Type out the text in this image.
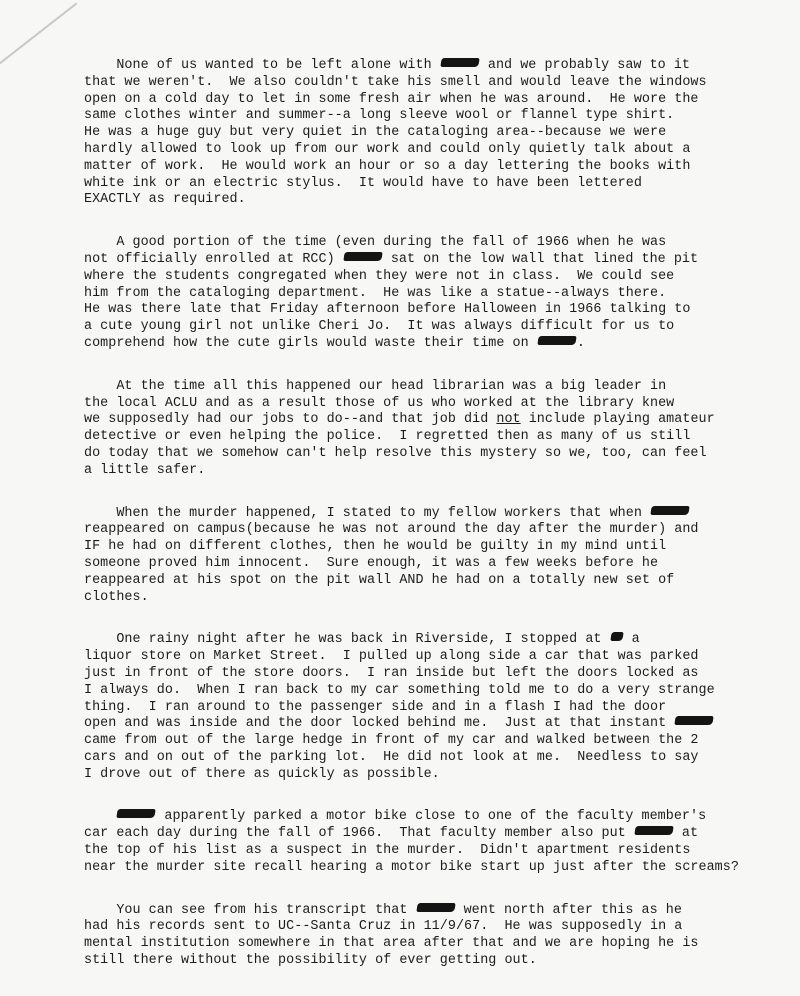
None of us wanted to be left alone with	and we probably saw to it
that we weren't.  We also couldn't take his smell and would leave the windows
open on a cold day to let in some fresh air when he was around.  He wore the
same clothes winter and summer--a long sleeve wool or flannel type shirt.
He was a huge guy but very quiet in the cataloging area--because we were
hardly allowed to look up from our work and could only quietly talk about a
matter of work.  He would work an hour or so a day lettering the books with
white ink or an electric stylus.  It would have to have been lettered
EXACTLY as required.
A good portion of the time (even during the fall of 1966 when he was
not officially enrolled at RCC)	sat on the low wall that lined the pit
where the students congregated when they were not in class.  We could see
him from the cataloging department.  He was like a statue--always there.
He was there late that Friday afternoon before Halloween in 1966 talking to
a cute young girl not unlike Cheri Jo.  It was always difficult for us to
comprehend how the cute girls would waste their time on	.
At the time all this happened our head librarian was a big leader in
the local ACLU and as a result those of us who worked at the library knew
we supposedly had our jobs to do--and that job did not include playing amateur
detective or even helping the police.  I regretted then as many of us still
do today that we somehow can't help resolve this mystery so we, too, can feel
a little safer.
When the murder happened, I stated to my fellow workers that when
reappeared on campus(because he was not around the day after the murder) and
IF he had on different clothes, then he would be guilty in my mind until
someone proved him innocent.  Sure enough, it was a few weeks before he
reappeared at his spot on the pit wall AND he had on a totally new set of
clothes.
One rainy night after he was back in Riverside, I stopped at  a
liquor store on Market Street.  I pulled up along side a car that was parked
just in front of the store doors.  I ran inside but left the doors locked as
I always do.  When I ran back to my car something told me to do a very strange
thing.  I ran around to the passenger side and in a flash I had the door
open and was inside and the door locked behind me.  Just at that instant
came from out of the large hedge in front of my car and walked between the 2
cars and on out of the parking lot.  He did not look at me.  Needless to say
I drove out of there as quickly as possible.
apparently parked a motor bike close to one of the faculty member's
car each day during the fall of 1966.  That faculty member also put	at
the top of his list as a suspect in the murder.  Didn't apartment residents
near the murder site recall hearing a motor bike start up just after the screams?
You can see from his transcript that	went north after this as he
had his records sent to UC--Santa Cruz in 11/9/67.  He was supposedly in a
mental institution somewhere in that area after that and we are hoping he is
still there without the possibility of ever getting out.
